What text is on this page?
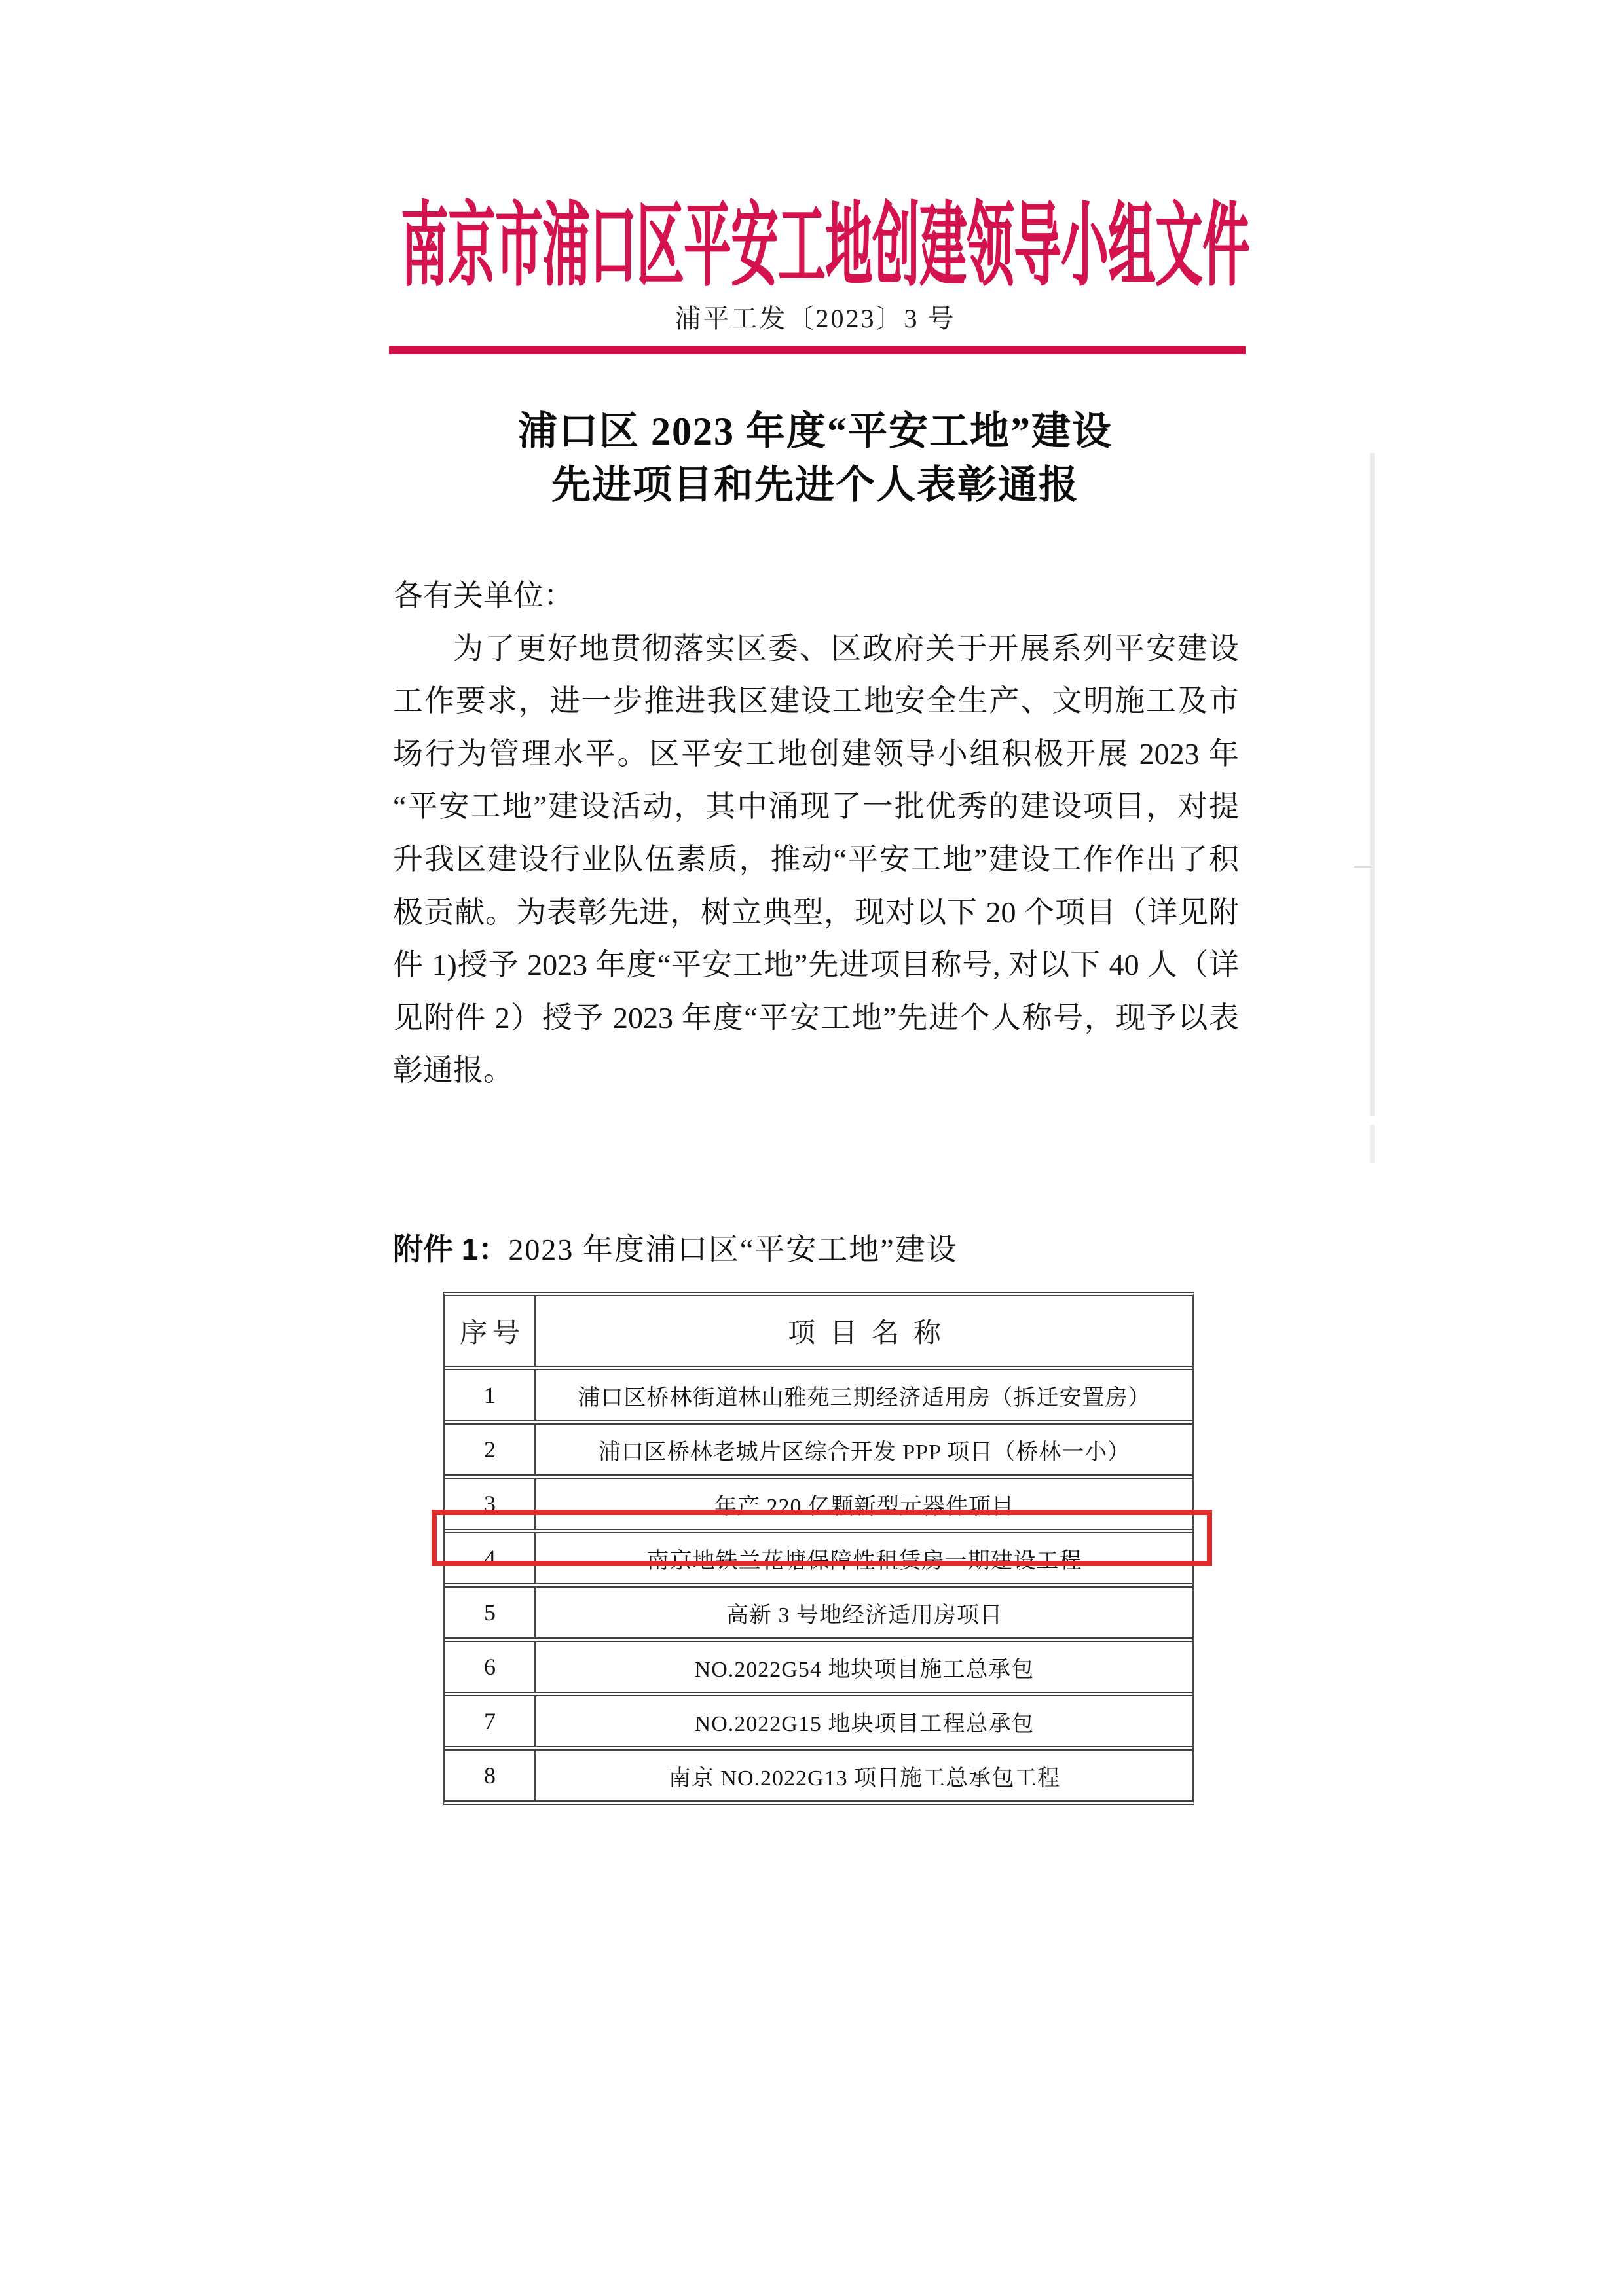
南京市浦口区平安工地创建领导小组文件
浦平工发〔2023〕3 号
浦口区 2023 年度“平安工地”建设
先进项目和先进个人表彰通报
各有关单位：
为了更好地贯彻落实区委、区政府关于开展系列平安建设
工作要求，进一步推进我区建设工地安全生产、文明施工及市
场行为管理水平。区平安工地创建领导小组积极开展 2023 年
“平安工地”建设活动，其中涌现了一批优秀的建设项目，对提
升我区建设行业队伍素质，推动“平安工地”建设工作作出了积
极贡献。为表彰先进，树立典型，现对以下 20 个项目（详见附
件 1)授予 2023 年度“平安工地”先进项目称号, 对以下 40 人（详
见附件 2）授予 2023 年度“平安工地”先进个人称号，现予以表
彰通报。
附件 1：2023 年度浦口区“平安工地”建设
序号	项目名称
1	浦口区桥林街道林山雅苑三期经济适用房（拆迁安置房）
2	浦口区桥林老城片区综合开发 PPP 项目（桥林一小）
3	年产 220 亿颗新型元器件项目
4	南京地铁兰花塘保障性租赁房一期建设工程
5	高新 3 号地经济适用房项目
6	NO.2022G54 地块项目施工总承包
7	NO.2022G15 地块项目工程总承包
8	南京 NO.2022G13 项目施工总承包工程
